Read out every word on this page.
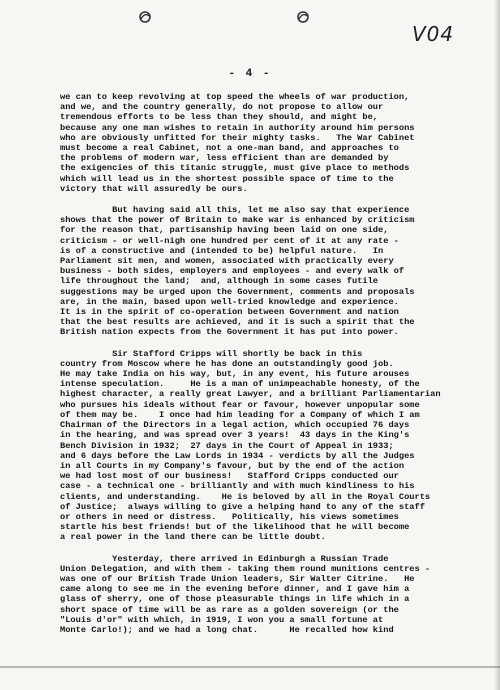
V04
- 4 -
we can to keep revolving at top speed the wheels of war production,
and we, and the country generally, do not propose to allow our
tremendous efforts to be less than they should, and might be,
because any one man wishes to retain in authority around him persons
who are obviously unfitted for their mighty tasks.   The War Cabinet
must become a real Cabinet, not a one-man band, and approaches to
the problems of modern war, less efficient than are demanded by
the exigencies of this titanic struggle, must give place to methods
which will lead us in the shortest possible space of time to the
victory that will assuredly be ours.
But having said all this, let me also say that experience
shows that the power of Britain to make war is enhanced by criticism
for the reason that, partisanship having been laid on one side,
criticism - or well-nigh one hundred per cent of it at any rate -
is of a constructive and (intended to be) helpful nature.   In
Parliament sit men, and women, associated with practically every
business - both sides, employers and employees - and every walk of
life throughout the land;  and, although in some cases futile
suggestions may be urged upon the Government, comments and proposals
are, in the main, based upon well-tried knowledge and experience.
It is in the spirit of co-operation between Government and nation
that the best results are achieved, and it is such a spirit that the
British nation expects from the Government it has put into power.
Sir Stafford Cripps will shortly be back in this
country from Moscow where he has done an outstandingly good job.
He may take India on his way, but, in any event, his future arouses
intense speculation.     He is a man of unimpeachable honesty, of the
highest character, a really great Lawyer, and a brilliant Parliamentarian
who pursues his ideals without fear or favour, however unpopular some
of them may be.    I once had him leading for a Company of which I am
Chairman of the Directors in a legal action, which occupied 76 days
in the hearing, and was spread over 3 years!  43 days in the King's
Bench Division in 1932;  27 days in the Court of Appeal in 1933;
and 6 days before the Law Lords in 1934 - verdicts by all the Judges
in all Courts in my Company's favour, but by the end of the action
we had lost most of our business!   Stafford Cripps conducted our
case - a technical one - brilliantly and with much kindliness to his
clients, and understanding.    He is beloved by all in the Royal Courts
of Justice;  always willing to give a helping hand to any of the staff
or others in need or distress.   Politically, his views sometimes
startle his best friends! but of the likelihood that he will become
a real power in the land there can be little doubt.
Yesterday, there arrived in Edinburgh a Russian Trade
Union Delegation, and with them - taking them round munitions centres -
was one of our British Trade Union leaders, Sir Walter Citrine.   He
came along to see me in the evening before dinner, and I gave him a
glass of sherry, one of those pleasurable things in life which in a
short space of time will be as rare as a golden sovereign (or the
"Louis d'or" with which, in 1919, I won you a small fortune at
Monte Carlo!); and we had a long chat.      He recalled how kind
